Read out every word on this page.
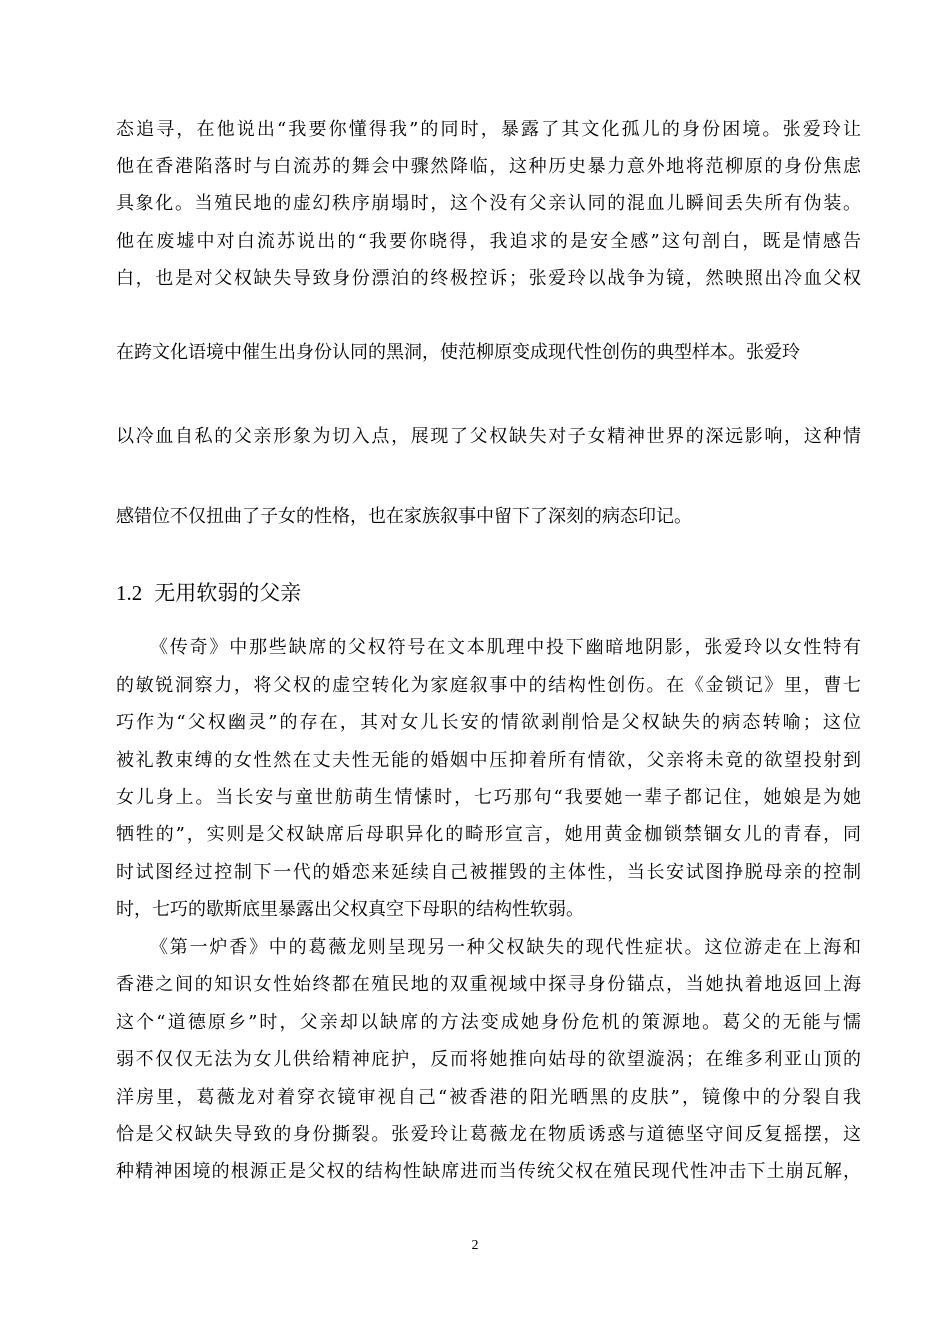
态追寻，在他说出“我要你懂得我”的同时，暴露了其文化孤儿的身份困境。张爱玲让
他在香港陷落时与白流苏的舞会中骤然降临，这种历史暴力意外地将范柳原的身份焦虑
具象化。当殖民地的虚幻秩序崩塌时，这个没有父亲认同的混血儿瞬间丢失所有伪装。
他在废墟中对白流苏说出的“我要你晓得，我追求的是安全感”这句剖白，既是情感告
白，也是对父权缺失导致身份漂泊的终极控诉；张爱玲以战争为镜，然映照出冷血父权
在跨文化语境中催生出身份认同的黑洞，使范柳原变成现代性创伤的典型样本。张爱玲
以冷血自私的父亲形象为切入点，展现了父权缺失对子女精神世界的深远影响，这种情
感错位不仅扭曲了子女的性格，也在家族叙事中留下了深刻的病态印记。
1.2 无用软弱的父亲
《传奇》中那些缺席的父权符号在文本肌理中投下幽暗地阴影，张爱玲以女性特有
的敏锐洞察力，将父权的虚空转化为家庭叙事中的结构性创伤。在《金锁记》里，曹七
巧作为“父权幽灵”的存在，其对女儿长安的情欲剥削恰是父权缺失的病态转喻；这位
被礼教束缚的女性然在丈夫性无能的婚姻中压抑着所有情欲，父亲将未竟的欲望投射到
女儿身上。当长安与童世舫萌生情愫时，七巧那句“我要她一辈子都记住，她娘是为她
牺牲的”，实则是父权缺席后母职异化的畸形宣言，她用黄金枷锁禁锢女儿的青春，同
时试图经过控制下一代的婚恋来延续自己被摧毁的主体性，当长安试图挣脱母亲的控制
时，七巧的歇斯底里暴露出父权真空下母职的结构性软弱。
《第一炉香》中的葛薇龙则呈现另一种父权缺失的现代性症状。这位游走在上海和
香港之间的知识女性始终都在殖民地的双重视域中探寻身份锚点，当她执着地返回上海
这个“道德原乡”时，父亲却以缺席的方法变成她身份危机的策源地。葛父的无能与懦
弱不仅仅无法为女儿供给精神庇护，反而将她推向姑母的欲望漩涡；在维多利亚山顶的
洋房里，葛薇龙对着穿衣镜审视自己“被香港的阳光晒黑的皮肤”，镜像中的分裂自我
恰是父权缺失导致的身份撕裂。张爱玲让葛薇龙在物质诱惑与道德坚守间反复摇摆，这
种精神困境的根源正是父权的结构性缺席进而当传统父权在殖民现代性冲击下土崩瓦解，
2
